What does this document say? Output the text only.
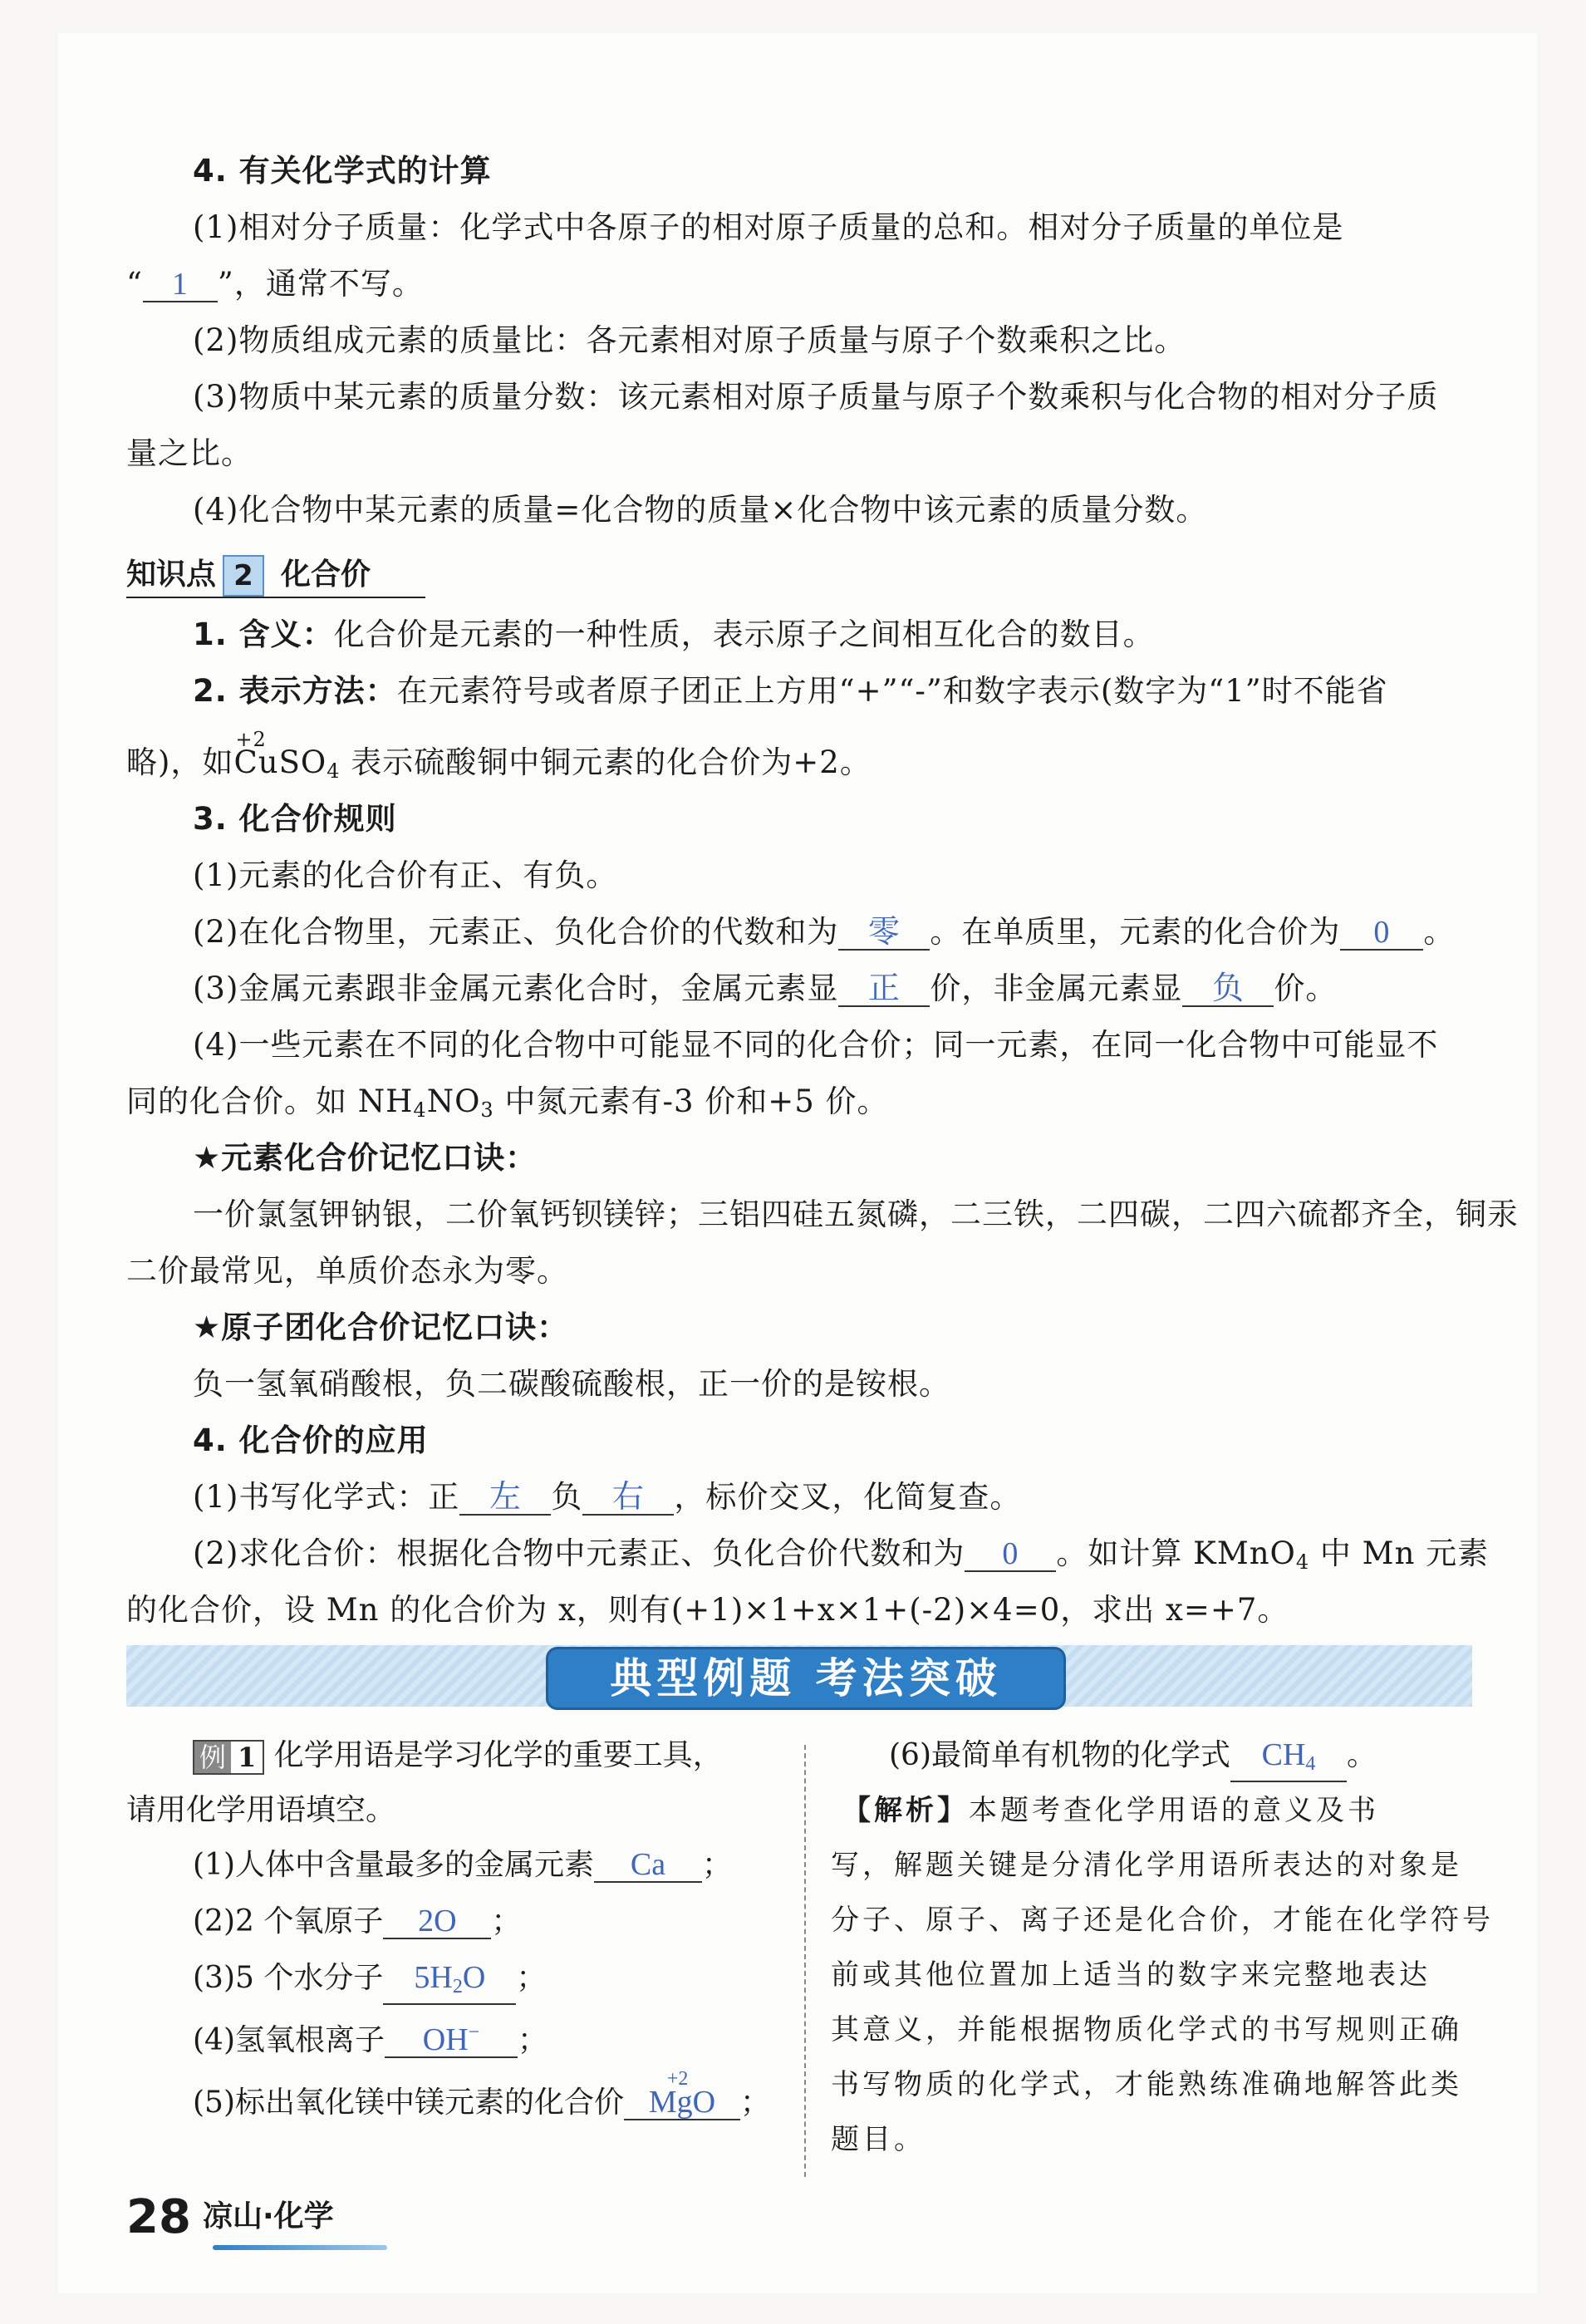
4. 有关化学式的计算
(1)相对分子质量：化学式中各原子的相对原子质量的总和。相对分子质量的单位是
“ 1 ”，通常不写。
(2)物质组成元素的质量比：各元素相对原子质量与原子个数乘积之比。
(3)物质中某元素的质量分数：该元素相对原子质量与原子个数乘积与化合物的相对分子质
量之比。
(4)化合物中某元素的质量=化合物的质量×化合物中该元素的质量分数。
知识点 2 化合价
1. 含义：化合价是元素的一种性质，表示原子之间相互化合的数目。
2. 表示方法：在元素符号或者原子团正上方用“+”“-”和数字表示(数字为“1”时不能省
略)，如
+2
CuSO$_4$ 表示硫酸铜中铜元素的化合价为+2。
3. 化合价规则
(1)元素的化合价有正、有负。
(2)在化合物里，元素正、负化合价的代数和为 零 。在单质里，元素的化合价为 0 。
(3)金属元素跟非金属元素化合时，金属元素显 正 价，非金属元素显 负 价。
(4)一些元素在不同的化合物中可能显不同的化合价；同一元素，在同一化合物中可能显不
同的化合价。如 $NH_4NO_3$ 中氮元素有-3 价和+5 价。
★元素化合价记忆口诀：
一价氯氢钾钠银，二价氧钙钡镁锌；三铝四硅五氮磷，二三铁，二四碳，二四六硫都齐全，铜汞
二价最常见，单质价态永为零。
★原子团化合价记忆口诀：
负一氢氧硝酸根，负二碳酸硫酸根，正一价的是铵根。
4. 化合价的应用
(1)书写化学式：正 左 负 右 ，标价交叉，化简复查。
(2)求化合价：根据化合物中元素正、负化合价代数和为 0 。如计算 KMnO$_4$ 中 Mn 元素
的化合价，设 Mn 的化合价为 x，则有(+1)×1+x×1+(-2)×4=0，求出 x=+7。
典型例题 考法突破
例 1 化学用语是学习化学的重要工具，
请用化学用语填空。
(1)人体中含量最多的金属元素 Ca ；
(2)2 个氧原子 2O ；
(3)5 个水分子 $5H_2O$ ；
(4)氢氧根离子 OH− ；
(5)标出氧化镁中镁元素的化合价
+2
MgO ；
(6)最简单有机物的化学式 $CH_4$ 。
【解析】本题考查化学用语的意义及书
写，解题关键是分清化学用语所表达的对象是
分子、原子、离子还是化合价，才能在化学符号
前或其他位置加上适当的数字来完整地表达
其意义，并能根据物质化学式的书写规则正确
书写物质的化学式，才能熟练准确地解答此类
题目。
28 凉山·化学
